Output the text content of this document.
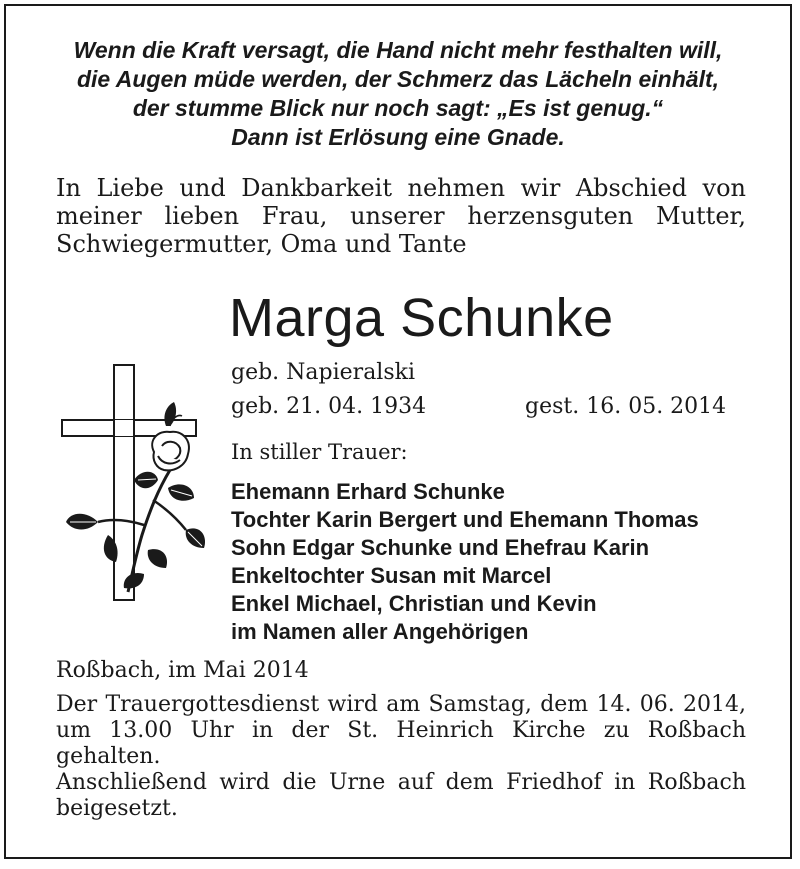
Wenn die Kraft versagt, die Hand nicht mehr festhalten will,
die Augen müde werden, der Schmerz das Lächeln einhält,
der stumme Blick nur noch sagt: „Es ist genug.“
Dann ist Erlösung eine Gnade.
In Liebe und Dankbarkeit nehmen wir Abschied von meiner lieben Frau, unserer herzensguten Mutter, Schwiegermutter, Oma und Tante
Marga Schunke
geb. Napieralski
geb. 21. 04. 1934	gest. 16. 05. 2014
In stiller Trauer:
Ehemann Erhard Schunke
Tochter Karin Bergert und Ehemann Thomas
Sohn Edgar Schunke und Ehefrau Karin
Enkeltochter Susan mit Marcel
Enkel Michael, Christian und Kevin
im Namen aller Angehörigen
Roßbach, im Mai 2014

Der Trauergottesdienst wird am Samstag, dem 14. 06. 2014, um 13.00 Uhr in der St. Heinrich Kirche zu Roßbach gehalten.

Anschließend wird die Urne auf dem Friedhof in Roßbach beigesetzt.
